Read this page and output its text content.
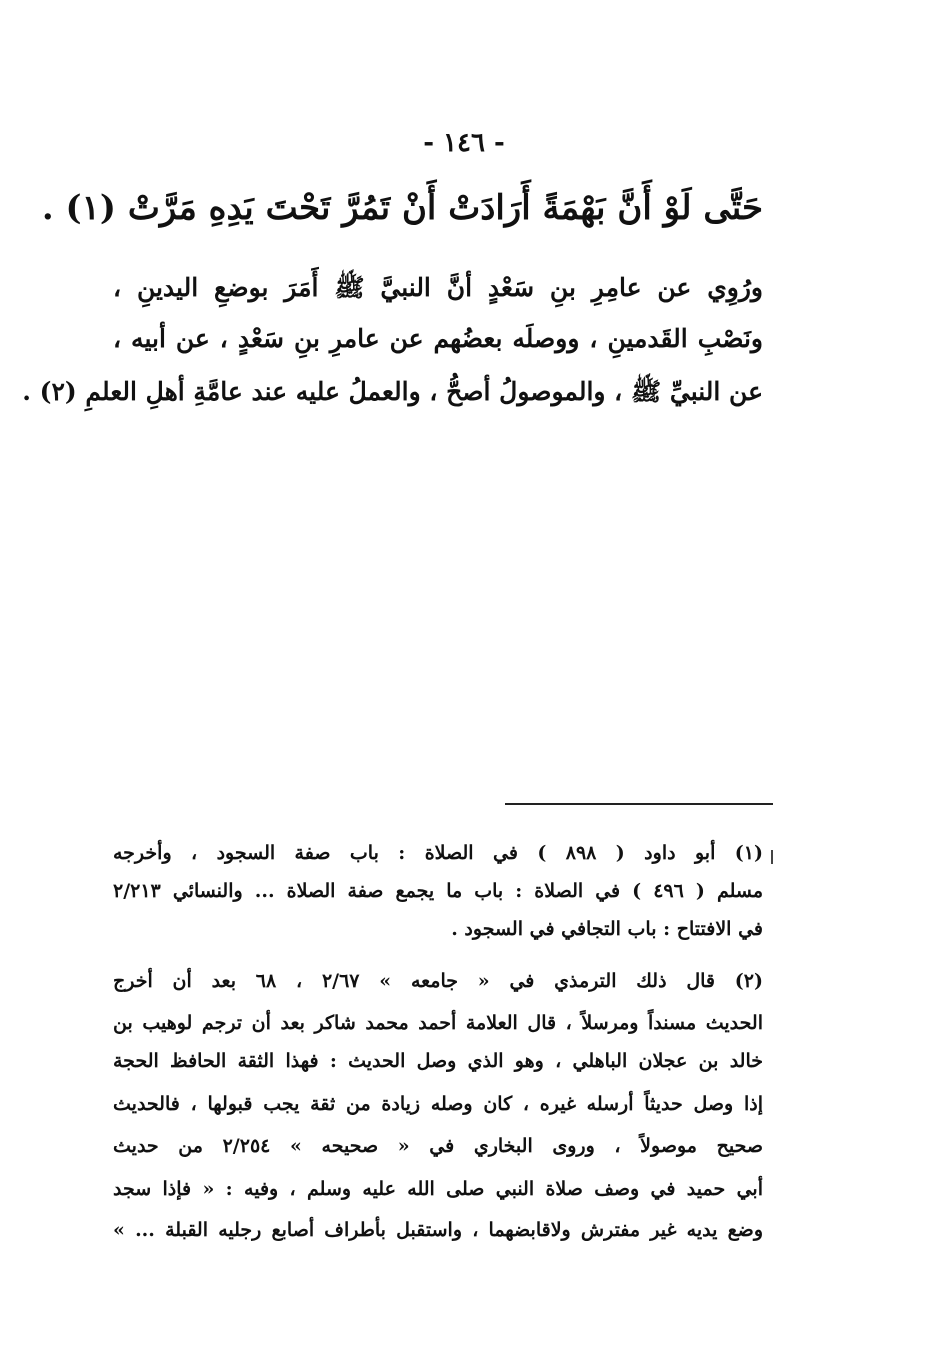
- ١٤٦ -
حَتَّى لَوْ أَنَّ بَهْمَةً أَرَادَتْ أَنْ تَمُرَّ تَحْتَ يَدِهِ مَرَّتْ (١) .
ورُوِي عن عامِرِ بنِ سَعْدٍ أنَّ النبيَّ ﷺ أَمَرَ بوضعِ اليدينِ ،
ونَصْبِ القَدمينِ ، ووصلَه بعضُهم عن عامرِ بنِ سَعْدٍ ، عن أبيه ،
عن النبيِّ ﷺ ، والموصولُ أصحُّ ، والعملُ عليه عند عامَّةِ أهلِ العلمِ (٢) .
(١) أبو داود ( ٨٩٨ ) في الصلاة : باب صفة السجود ، وأخرجه
مسلم ( ٤٩٦ ) في الصلاة : باب ما يجمع صفة الصلاة ... والنسائي ٢/٢١٣
في الافتتاح : باب التجافي في السجود .
(٢) قال ذلك الترمذي في « جامعه » ٢/٦٧ ، ٦٨ بعد أن أخرج
الحديث مسنداً ومرسلاً ، قال العلامة أحمد محمد شاكر بعد أن ترجم لوهيب بن
خالد بن عجلان الباهلي ، وهو الذي وصل الحديث : فهذا الثقة الحافظ الحجة
إذا وصل حديثاً أرسله غيره ، كان وصله زيادة من ثقة يجب قبولها ، فالحديث
صحيح موصولاً ، وروى البخاري في « صحيحه » ٢/٢٥٤ من حديث
أبي حميد في وصف صلاة النبي صلى الله عليه وسلم ، وفيه : « فإذا سجد
وضع يديه غير مفترش ولاقابضهما ، واستقبل بأطراف أصابع رجليه القبلة ... »
